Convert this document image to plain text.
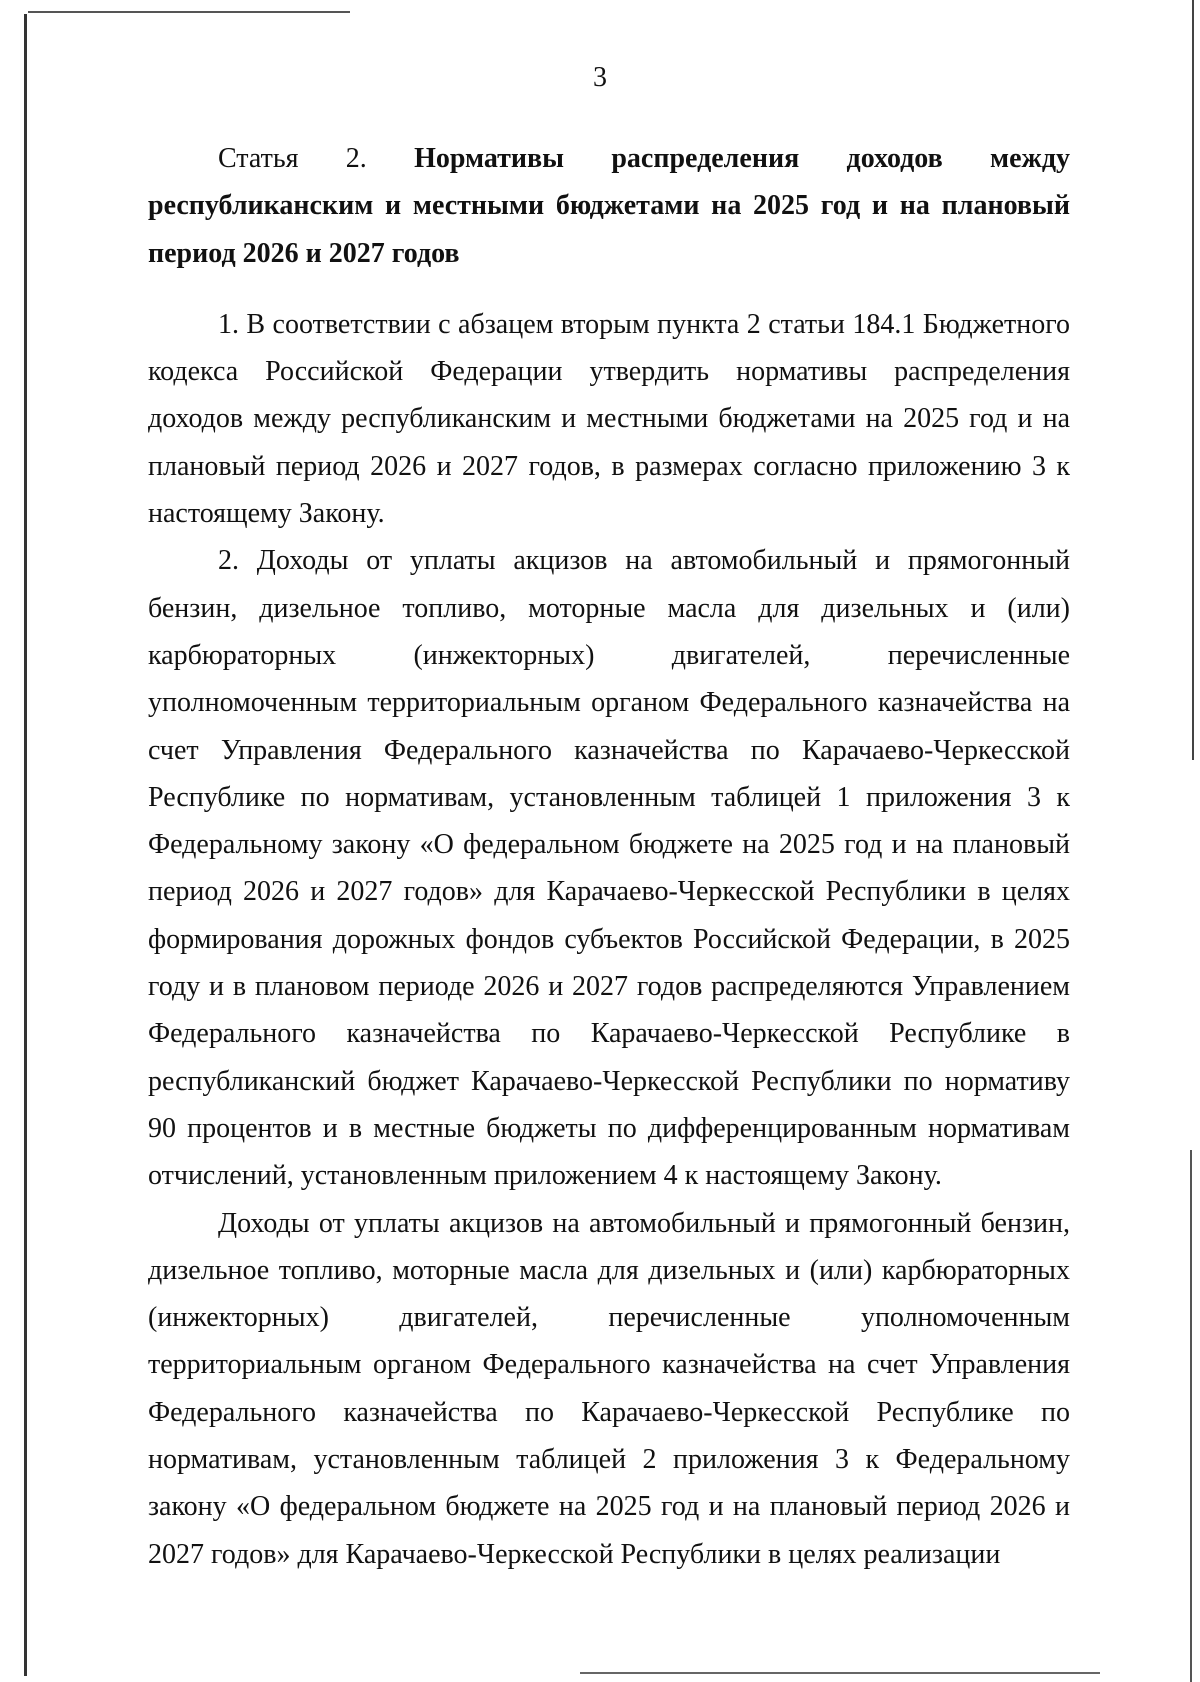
3

Статья 2. Нормативы распределения доходов между республиканским и местными бюджетами на 2025 год и на плановый период 2026 и 2027 годов

1. В соответствии с абзацем вторым пункта 2 статьи 184.1 Бюджетного кодекса Российской Федерации утвердить нормативы распределения доходов между республиканским и местными бюджетами на 2025 год и на плановый период 2026 и 2027 годов, в размерах согласно приложению 3 к настоящему Закону.

2. Доходы от уплаты акцизов на автомобильный и прямогонный бензин, дизельное топливо, моторные масла для дизельных и (или) карбюраторных (инжекторных) двигателей, перечисленные уполномоченным территориальным органом Федерального казначейства на счет Управления Федерального казначейства по Карачаево-Черкесской Республике по нормативам, установленным таблицей 1 приложения 3 к Федеральному закону «О федеральном бюджете на 2025 год и на плановый период 2026 и 2027 годов» для Карачаево-Черкесской Республики в целях формирования дорожных фондов субъектов Российской Федерации, в 2025 году и в плановом периоде 2026 и 2027 годов распределяются Управлением Федерального казначейства по Карачаево-Черкесской Республике в республиканский бюджет Карачаево-Черкесской Республики по нормативу 90 процентов и в местные бюджеты по дифференцированным нормативам отчислений, установленным приложением 4 к настоящему Закону.

Доходы от уплаты акцизов на автомобильный и прямогонный бензин, дизельное топливо, моторные масла для дизельных и (или) карбюраторных (инжекторных) двигателей, перечисленные уполномоченным территориальным органом Федерального казначейства на счет Управления Федерального казначейства по Карачаево-Черкесской Республике по нормативам, установленным таблицей 2 приложения 3 к Федеральному закону «О федеральном бюджете на 2025 год и на плановый период 2026 и 2027 годов» для Карачаево-Черкесской Республики в целях реализации
